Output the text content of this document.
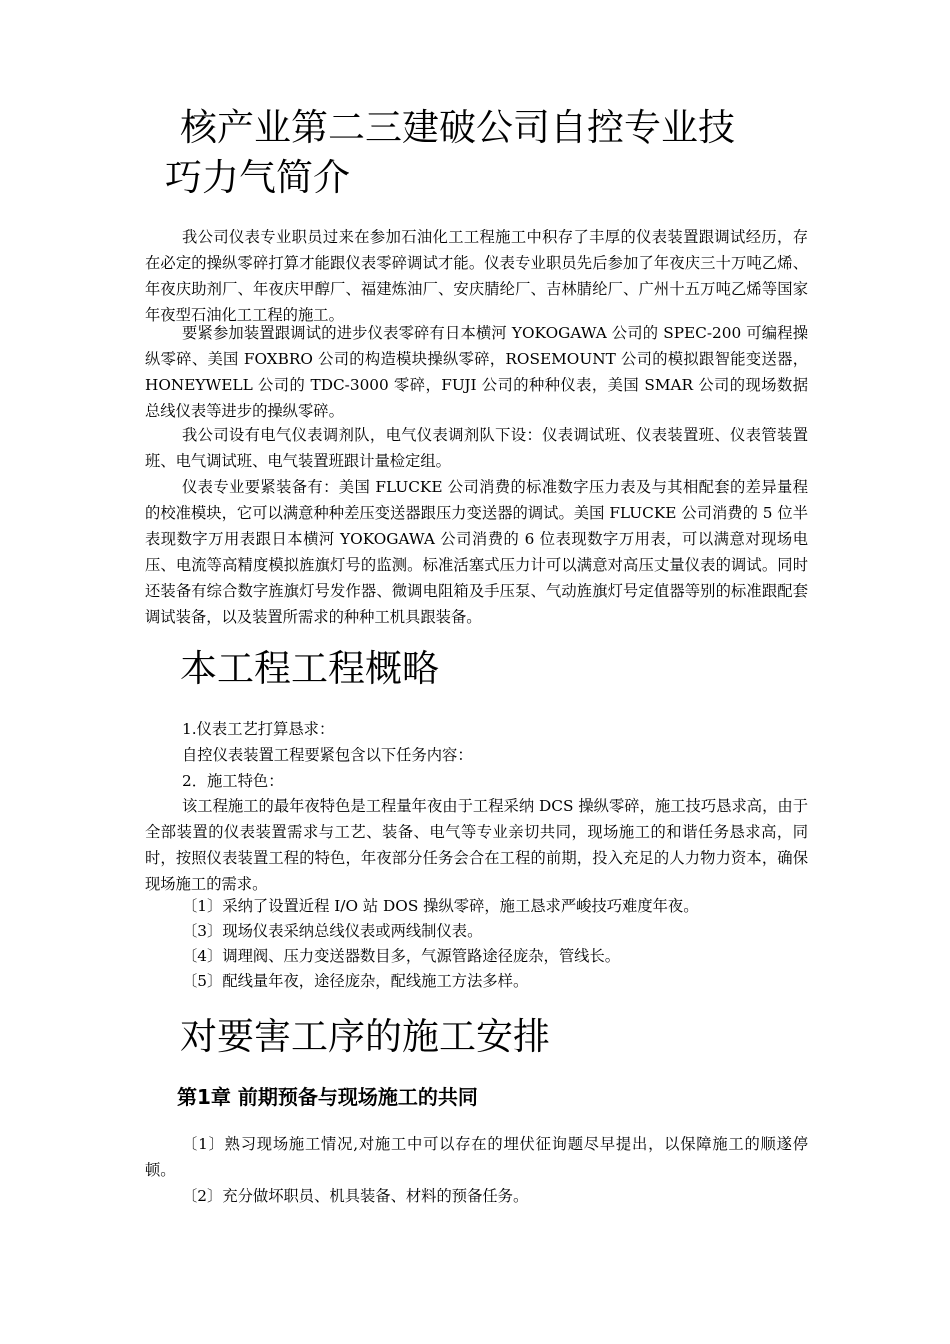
核产业第二三建破公司自控专业技
巧力气简介

我公司仪表专业职员过来在参加石油化工工程施工中积存了丰厚的仪表装置跟调试经历，存在必定的操纵零碎打算才能跟仪表零碎调试才能。仪表专业职员先后参加了年夜庆三十万吨乙烯、年夜庆助剂厂、年夜庆甲醇厂、福建炼油厂、安庆腈纶厂、吉林腈纶厂、广州十五万吨乙烯等国家年夜型石油化工工程的施工。

要紧参加装置跟调试的进步仪表零碎有日本横河 YOKOGAWA 公司的 SPEC-200 可编程操纵零碎、美国 FOXBRO 公司的构造模块操纵零碎，ROSEMOUNT 公司的模拟跟智能变送器，HONEYWELL 公司的 TDC-3000 零碎，FUJI 公司的种种仪表，美国 SMAR 公司的现场数据总线仪表等进步的操纵零碎。

我公司设有电气仪表调剂队，电气仪表调剂队下设：仪表调试班、仪表装置班、仪表管装置班、电气调试班、电气装置班跟计量检定组。

仪表专业要紧装备有：美国 FLUCKE 公司消费的标准数字压力表及与其相配套的差异量程的校准模块，它可以满意种种差压变送器跟压力变送器的调试。美国 FLUCKE 公司消费的 5 位半表现数字万用表跟日本横河 YOKOGAWA 公司消费的 6 位表现数字万用表，可以满意对现场电压、电流等高精度模拟旌旗灯号的监测。标准活塞式压力计可以满意对高压丈量仪表的调试。同时还装备有综合数字旌旗灯号发作器、微调电阻箱及手压泵、气动旌旗灯号定值器等别的标准跟配套调试装备，以及装置所需求的种种工机具跟装备。

本工程工程概略

1.仪表工艺打算恳求：

自控仪表装置工程要紧包含以下任务内容：

2．施工特色：

该工程施工的最年夜特色是工程量年夜由于工程采纳 DCS 操纵零碎，施工技巧恳求高，由于全部装置的仪表装置需求与工艺、装备、电气等专业亲切共同，现场施工的和谐任务恳求高，同时，按照仪表装置工程的特色，年夜部分任务会合在工程的前期，投入充足的人力物力资本，确保现场施工的需求。

〔1〕采纳了设置近程 I/O 站 DOS 操纵零碎，施工恳求严峻技巧难度年夜。

〔3〕现场仪表采纳总线仪表或两线制仪表。

〔4〕调理阀、压力变送器数目多，气源管路途径庞杂，管线长。

〔5〕配线量年夜，途径庞杂，配线施工方法多样。

对要害工序的施工安排
第1章 前期预备与现场施工的共同

〔1〕熟习现场施工情况,对施工中可以存在的埋伏征询题尽早提出，以保障施工的顺遂停顿。

〔2〕充分做坏职员、机具装备、材料的预备任务。
